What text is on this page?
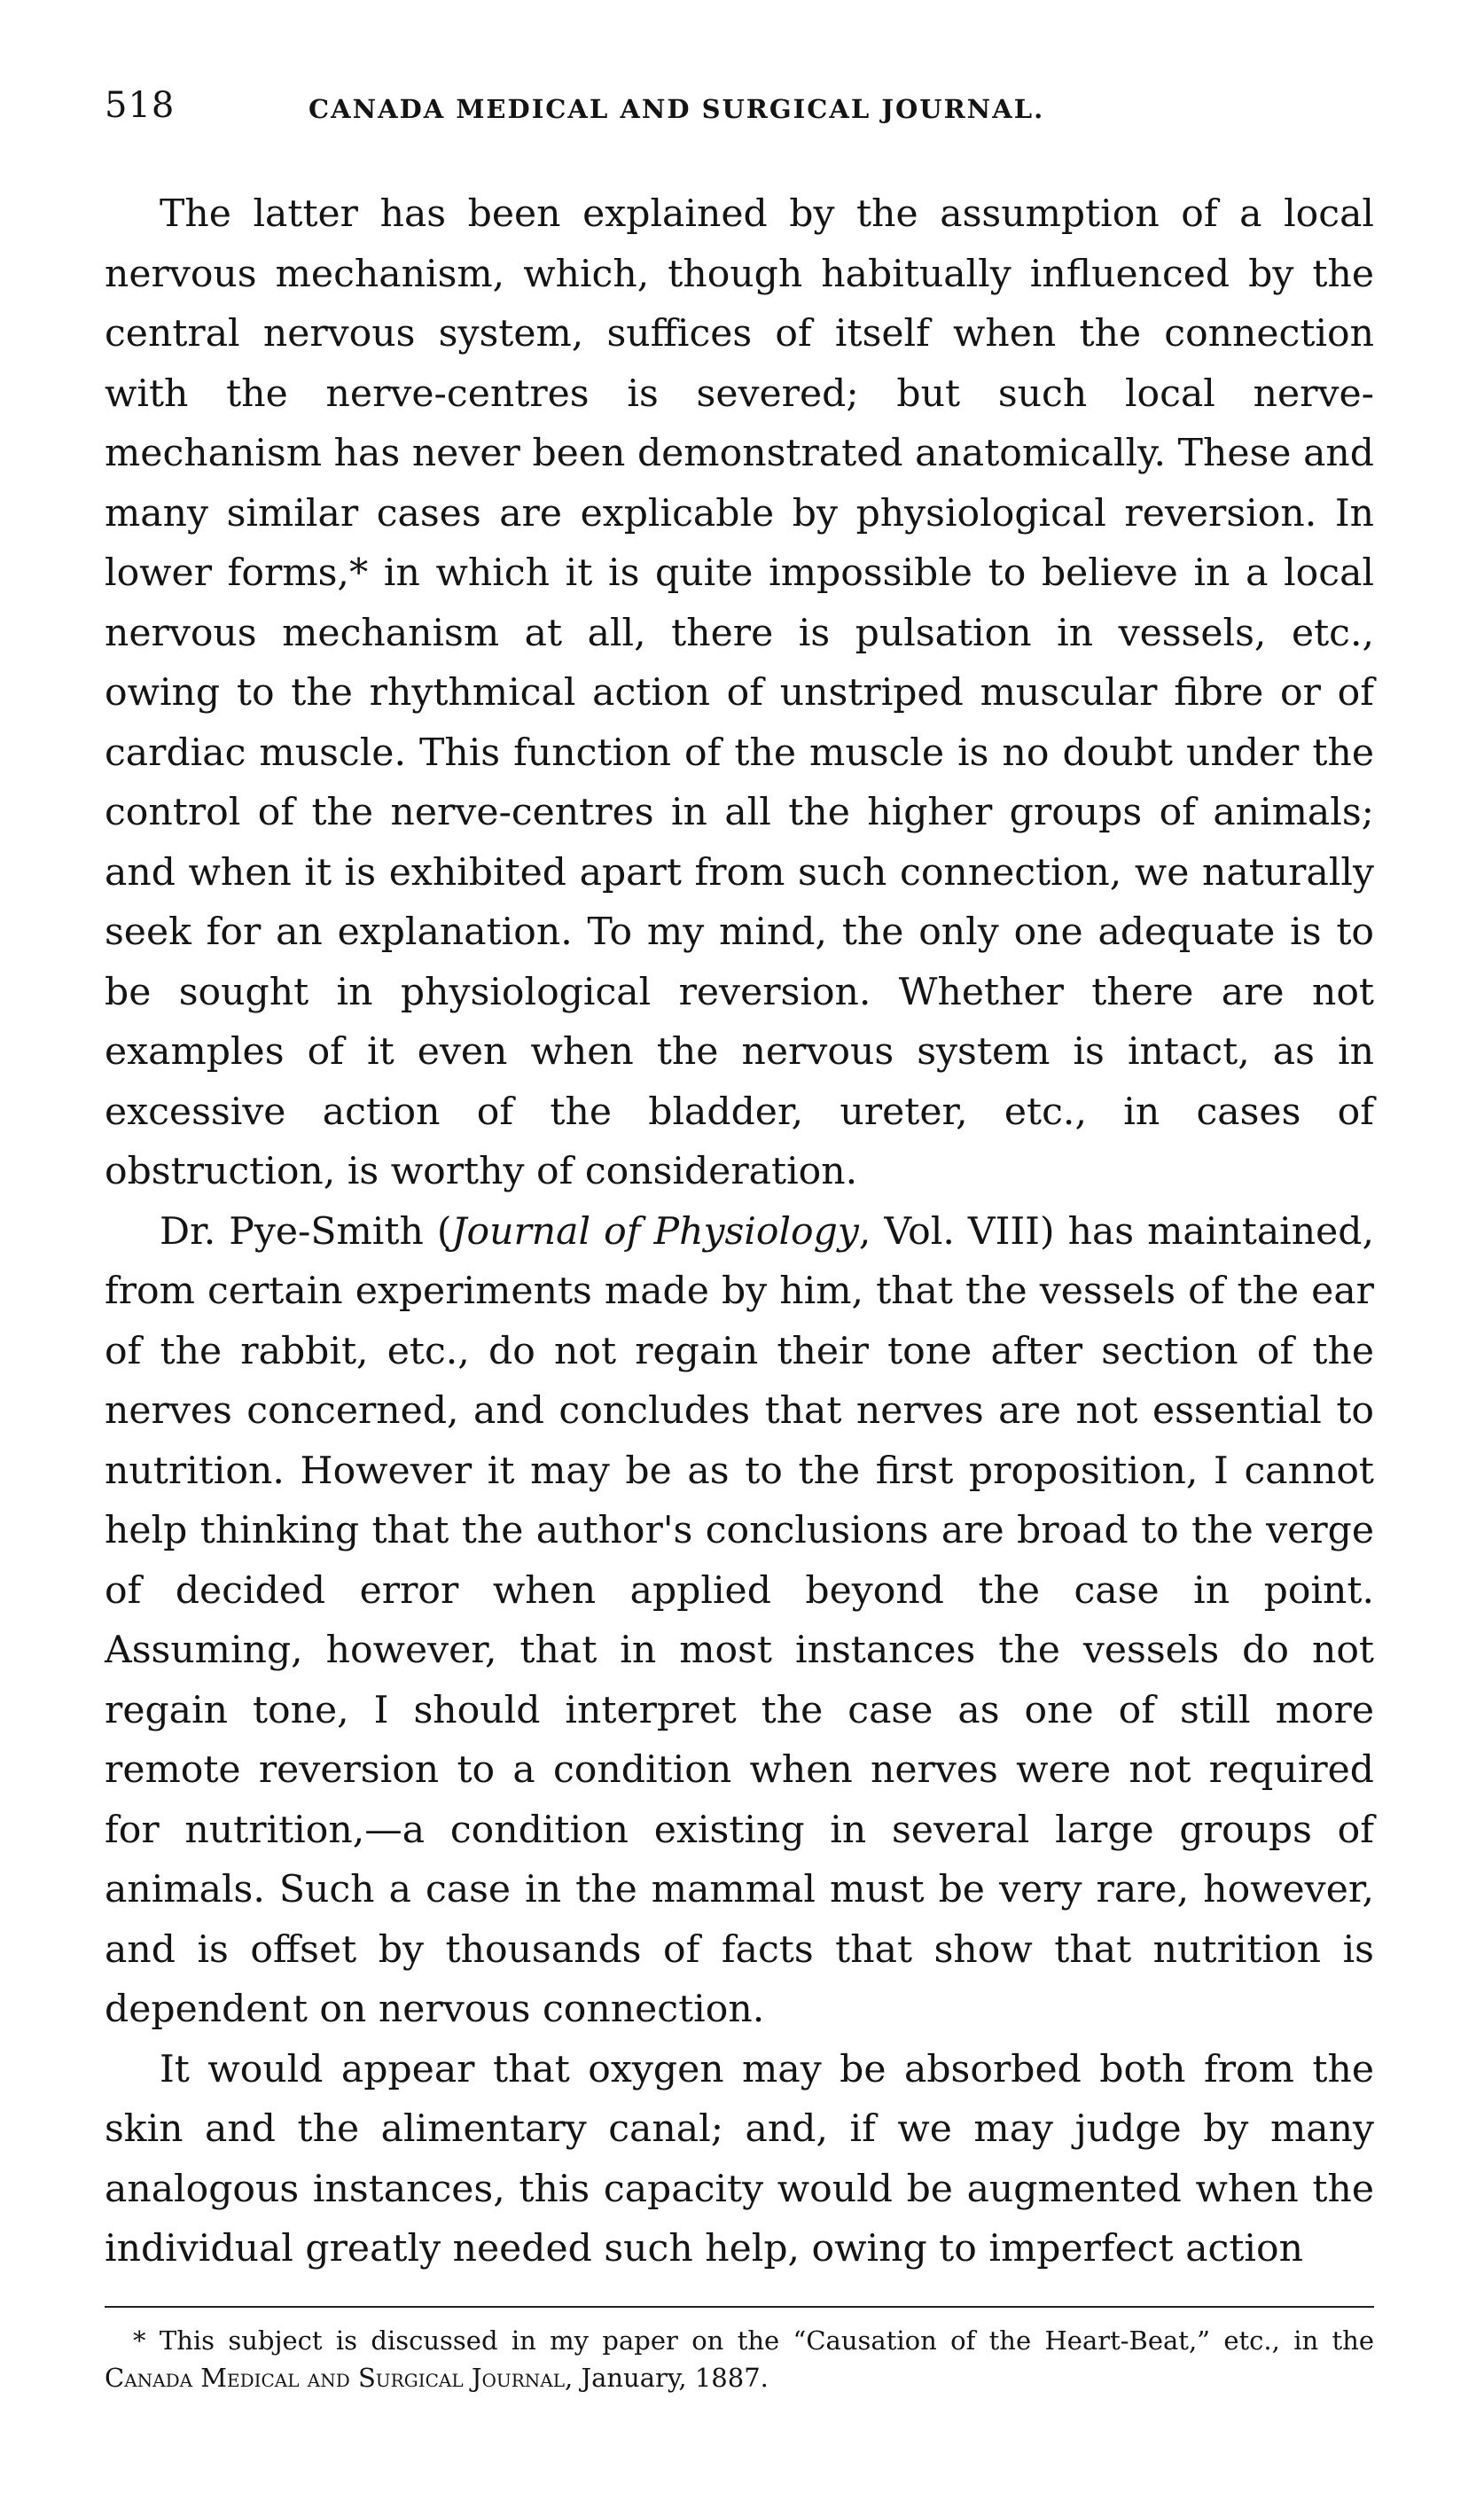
518	CANADA MEDICAL AND SURGICAL JOURNAL.

The latter has been explained by the assumption of a local nervous mechanism, which, though habitually influenced by the central nervous system, suffices of itself when the connection with the nerve-centres is severed; but such local nerve-mechanism has never been demonstrated anatomically. These and many similar cases are explicable by physiological reversion. In lower forms,* in which it is quite impossible to believe in a local nervous mechanism at all, there is pulsation in vessels, etc., owing to the rhythmical action of unstriped muscular fibre or of cardiac muscle. This function of the muscle is no doubt under the control of the nerve-centres in all the higher groups of animals; and when it is exhibited apart from such connection, we naturally seek for an explanation. To my mind, the only one adequate is to be sought in physiological reversion. Whether there are not examples of it even when the nervous system is intact, as in excessive action of the bladder, ureter, etc., in cases of obstruction, is worthy of consideration.

Dr. Pye-Smith (Journal of Physiology, Vol. VIII) has maintained, from certain experiments made by him, that the vessels of the ear of the rabbit, etc., do not regain their tone after section of the nerves concerned, and concludes that nerves are not essential to nutrition. However it may be as to the first proposition, I cannot help thinking that the author's conclusions are broad to the verge of decided error when applied beyond the case in point. Assuming, however, that in most instances the vessels do not regain tone, I should interpret the case as one of still more remote reversion to a condition when nerves were not required for nutrition,—a condition existing in several large groups of animals. Such a case in the mammal must be very rare, however, and is offset by thousands of facts that show that nutrition is dependent on nervous connection.

It would appear that oxygen may be absorbed both from the skin and the alimentary canal; and, if we may judge by many analogous instances, this capacity would be augmented when the individual greatly needed such help, owing to imperfect action

* This subject is discussed in my paper on the “Causation of the Heart-Beat,” etc., in the Canada Medical and Surgical Journal, January, 1887.
